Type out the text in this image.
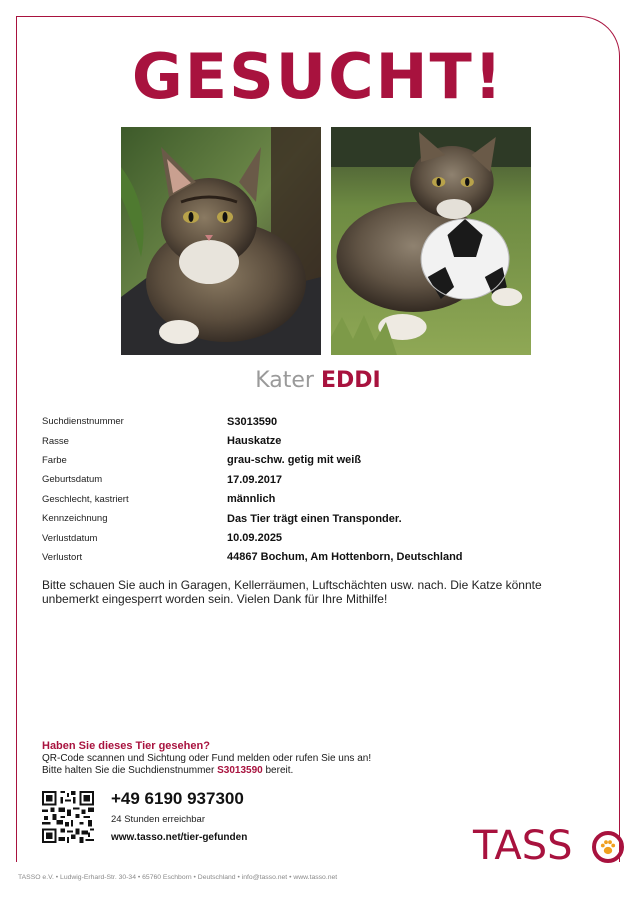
GESUCHT!
Kater EDDI
Suchdienstnummer	S3013590
Rasse	Hauskatze
Farbe	grau-schw. getig mit weiß
Geburtsdatum	17.09.2017
Geschlecht, kastriert	männlich
Kennzeichnung	Das Tier trägt einen Transponder.
Verlustdatum	10.09.2025
Verlustort	44867 Bochum, Am Hottenborn, Deutschland

Bitte schauen Sie auch in Garagen, Kellerräumen, Luftschächten usw. nach. Die Katze könnte unbemerkt eingesperrt worden sein. Vielen Dank für Ihre Mithilfe!

Haben Sie dieses Tier gesehen?
QR-Code scannen und Sichtung oder Fund melden oder rufen Sie uns an!
Bitte halten Sie die Suchdienstnummer S3013590 bereit.
+49 6190 937300
24 Stunden erreichbar
www.tasso.net/tier-gefunden	TASS
TASSO e.V. • Ludwig-Erhard-Str. 30-34 • 65760 Eschborn • Deutschland • info@tasso.net • www.tasso.net
